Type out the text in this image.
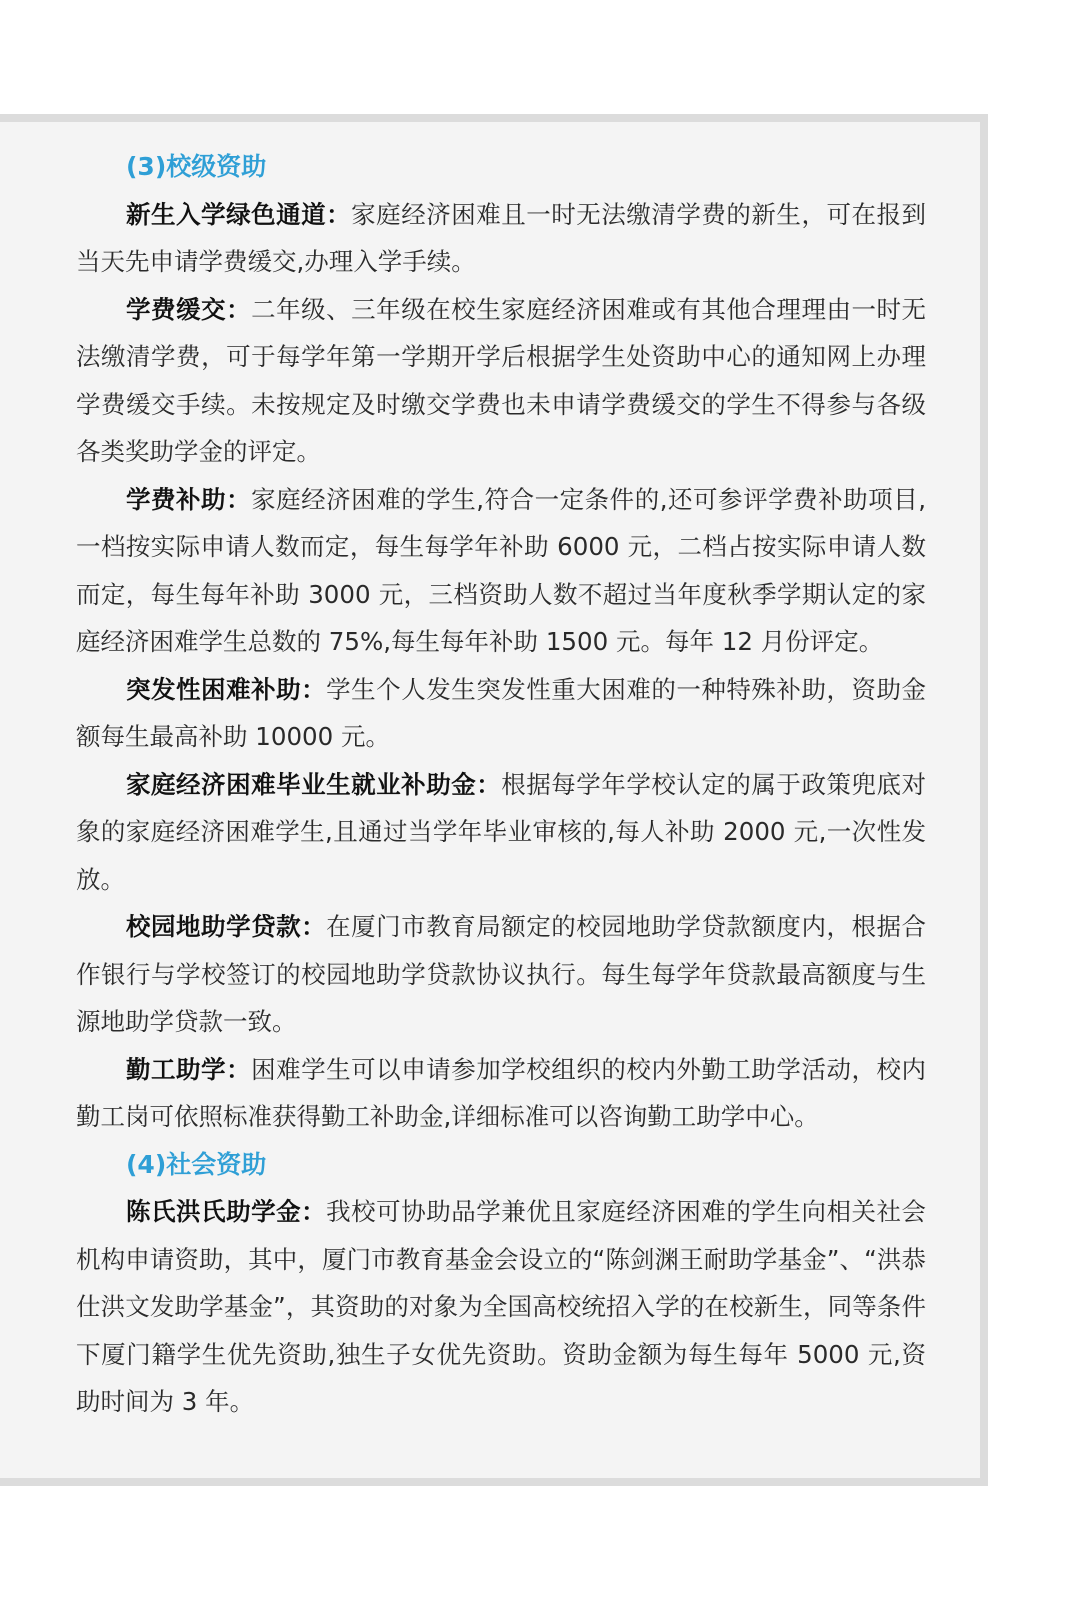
(3)校级资助

新生入学绿色通道：家庭经济困难且一时无法缴清学费的新生，可在报到当天先申请学费缓交,办理入学手续。

学费缓交：二年级、三年级在校生家庭经济困难或有其他合理理由一时无法缴清学费，可于每学年第一学期开学后根据学生处资助中心的通知网上办理学费缓交手续。未按规定及时缴交学费也未申请学费缓交的学生不得参与各级各类奖助学金的评定。

学费补助：家庭经济困难的学生,符合一定条件的,还可参评学费补助项目,一档按实际申请人数而定，每生每学年补助 6000 元，二档占按实际申请人数而定，每生每年补助 3000 元，三档资助人数不超过当年度秋季学期认定的家庭经济困难学生总数的 75%,每生每年补助 1500 元。每年 12 月份评定。

突发性困难补助：学生个人发生突发性重大困难的一种特殊补助，资助金额每生最高补助 10000 元。

家庭经济困难毕业生就业补助金：根据每学年学校认定的属于政策兜底对象的家庭经济困难学生,且通过当学年毕业审核的,每人补助 2000 元,一次性发放。

校园地助学贷款：在厦门市教育局额定的校园地助学贷款额度内，根据合作银行与学校签订的校园地助学贷款协议执行。每生每学年贷款最高额度与生源地助学贷款一致。

勤工助学：困难学生可以申请参加学校组织的校内外勤工助学活动，校内勤工岗可依照标准获得勤工补助金,详细标准可以咨询勤工助学中心。

(4)社会资助

陈氏洪氏助学金：我校可协助品学兼优且家庭经济困难的学生向相关社会机构申请资助，其中，厦门市教育基金会设立的“陈剑渊王耐助学基金”、“洪恭仕洪文发助学基金”，其资助的对象为全国高校统招入学的在校新生，同等条件下厦门籍学生优先资助,独生子女优先资助。资助金额为每生每年 5000 元,资助时间为 3 年。
